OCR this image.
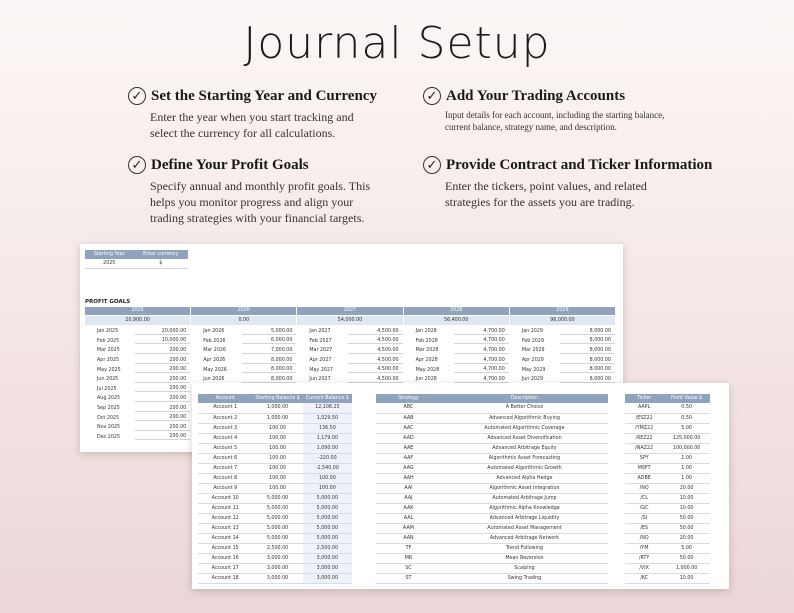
Journal Setup
✓ Set the Starting Year and Currency
Enter the year when you start tracking and
select the currency for all calculations.
✓ Add Your Trading Accounts
Input details for each account, including the starting balance,
current balance, strategy name, and description.
✓ Define Your Profit Goals
Specify annual and monthly profit goals. This
helps you monitor progress and align your
trading strategies with your financial targets.
✓ Provide Contract and Ticker Information
Enter the tickers, point values, and related
strategies for the assets you are trading.
Starting Year	Enter currency
2025	$
PROFIT GOALS
2025	2026	2027	2028	2029
20,900.00	0.00	54,000.00	56,400.00	96,000.00
Jan 2025	20,000.00
Feb 2025	10,000.00
Mar 2025	200.00
Apr 2025	200.00
May 2025	200.00
Jun 2025	200.00
Jul 2025	200.00
Aug 2025	200.00
Sep 2025	200.00
Oct 2025	200.00
Nov 2025	200.00
Dec 2025	200.00
Jan 2026	5,000.00
Feb 2026	6,000.00
Mar 2026	7,000.00
Apr 2026	8,000.00
May 2026	8,000.00
Jun 2026	8,000.00
Jan 2027	4,500.00
Feb 2027	4,500.00
Mar 2027	4,500.00
Apr 2027	4,500.00
May 2027	4,500.00
Jun 2027	4,500.00
Jan 2028	4,700.00
Feb 2028	4,700.00
Mar 2028	4,700.00
Apr 2028	4,700.00
May 2028	4,700.00
Jun 2028	4,700.00
Jan 2029	8,000.00
Feb 2029	8,000.00
Mar 2029	8,000.00
Apr 2029	8,000.00
May 2029	8,000.00
Jun 2029	8,000.00
Account	Starting Balance $	Current Balance $
Account 1	1,000.00	12,108.25
Account 2	1,000.00	1,029.50
Account 3	100.00	136.50
Account 4	100.00	1,179.00
Account 5	100.00	1,090.00
Account 6	100.00	-220.00
Account 7	100.00	-2,540.00
Account 8	100.00	100.00
Account 9	100.00	100.00
Account 10	5,000.00	5,000.00
Account 11	5,000.00	5,000.00
Account 12	5,000.00	5,000.00
Account 13	5,000.00	5,000.00
Account 14	5,000.00	5,000.00
Account 15	2,500.00	2,500.00
Account 16	3,000.00	3,000.00
Account 17	3,000.00	3,000.00
Account 18	3,000.00	3,000.00
Strategy	Description
ABC	A Better Choice
AAB	Advanced Algorithmic Buying
AAC	Automated Algorithmic Coverage
AAD	Advanced Asset Diversification
AAE	Advanced Arbitrage Equity
AAF	Algorithmic Asset Forecasting
AAG	Automated Algorithmic Growth
AAH	Advanced Alpha Hedge
AAI	Algorithmic Asset Integration
AAJ	Automated Arbitrage Jump
AAK	Algorithmic Alpha Knowledge
AAL	Advanced Arbitrage Liquidity
AAM	Automated Asset Management
AAN	Advanced Arbitrage Network
TF	Trend Following
MR	Mean Reversion
SC	Scalping
ST	Swing Trading
Ticker	Point Value $
AAPL	0.50
/ESZ22	0.50
/YMZ22	5.00
/6EZ22	125,000.00
/NAZ22	100,000.00
SPY	1.00
MSFT	1.00
ADBE	1.00
/NQ	20.00
/CL	10.00
/GC	10.00
/SI	50.00
/ES	50.00
/NQ	20.00
/YM	5.00
/RTY	50.00
/VIX	1,000.00
/KC	10.00
